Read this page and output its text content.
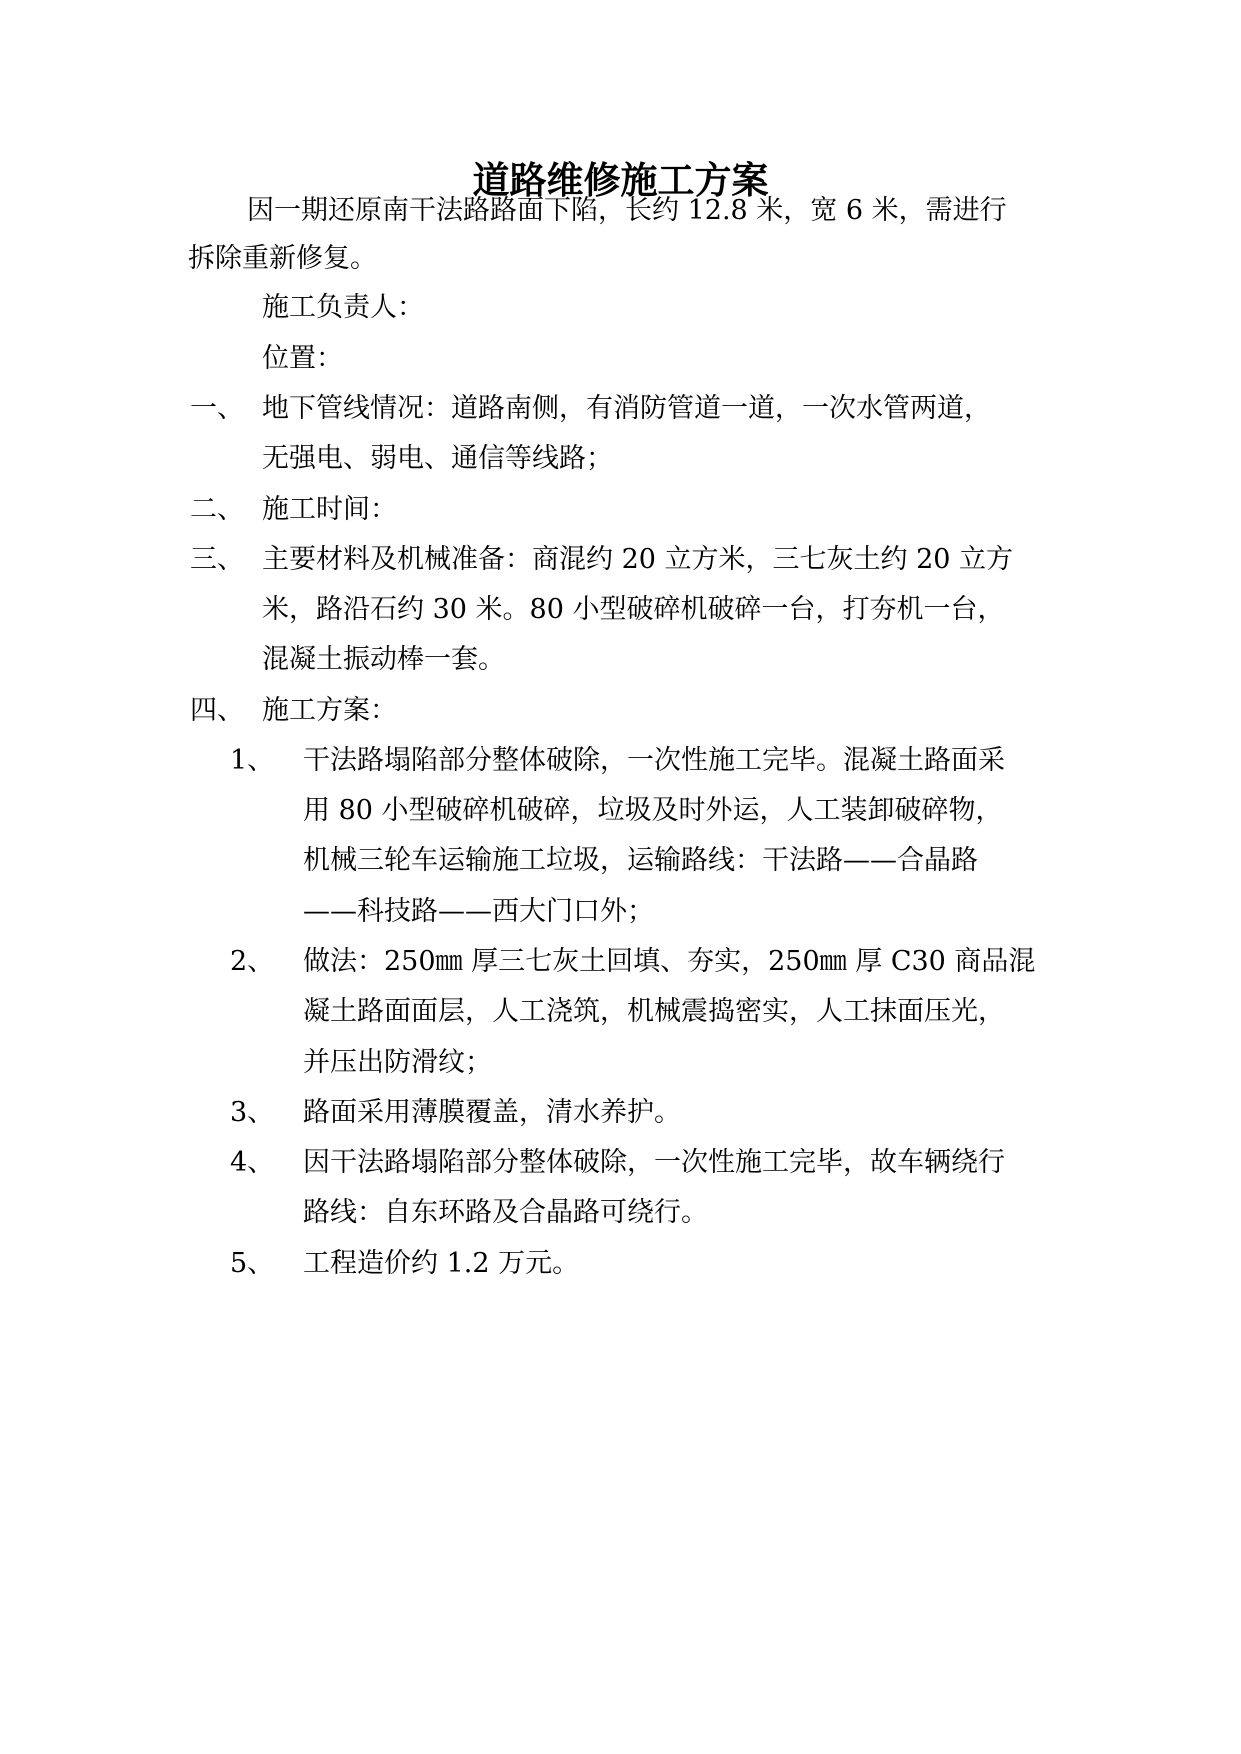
道路维修施工方案
因一期还原南干法路路面下陷，长约 12.8 米，宽 6 米，需进行
拆除重新修复。
施工负责人：
位置：
一、 地下管线情况：道路南侧，有消防管道一道，一次水管两道，
无强电、弱电、通信等线路；
二、 施工时间：
三、 主要材料及机械准备：商混约 20 立方米，三七灰土约 20 立方
米，路沿石约 30 米。80 小型破碎机破碎一台，打夯机一台，
混凝土振动棒一套。
四、 施工方案：
1、 干法路塌陷部分整体破除，一次性施工完毕。混凝土路面采
用 80 小型破碎机破碎，垃圾及时外运，人工装卸破碎物，
机械三轮车运输施工垃圾，运输路线：干法路——合晶路
——科技路——西大门口外；
2、 做法：250㎜ 厚三七灰土回填、夯实，250㎜ 厚 C30 商品混
凝土路面面层，人工浇筑，机械震捣密实，人工抹面压光，
并压出防滑纹；
3、 路面采用薄膜覆盖，清水养护。
4、 因干法路塌陷部分整体破除，一次性施工完毕，故车辆绕行
路线：自东环路及合晶路可绕行。
5、 工程造价约 1.2 万元。
